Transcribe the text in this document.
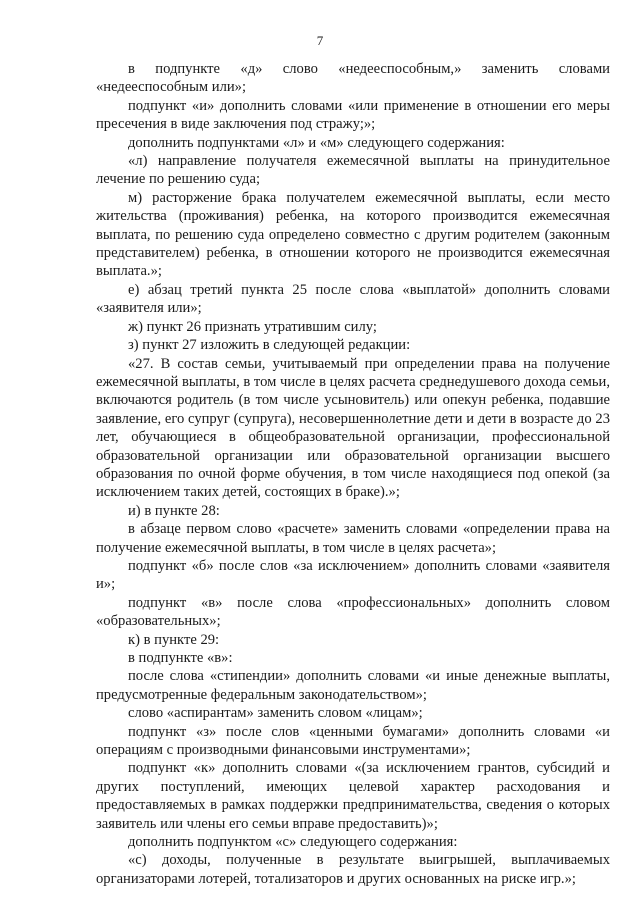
7

в подпункте «д» слово «недееспособным,» заменить словами «недееспособным или»;

подпункт «и» дополнить словами «или применение в отношении его меры пресечения в виде заключения под стражу;»;

дополнить подпунктами «л» и «м» следующего содержания:

«л) направление получателя ежемесячной выплаты на принудительное лечение по решению суда;

м) расторжение брака получателем ежемесячной выплаты, если место жительства (проживания) ребенка, на которого производится ежемесячная выплата, по решению суда определено совместно с другим родителем (законным представителем) ребенка, в отношении которого не производится ежемесячная выплата.»;

е) абзац третий пункта 25 после слова «выплатой» дополнить словами «заявителя или»;

ж) пункт 26 признать утратившим силу;

з) пункт 27 изложить в следующей редакции:

«27. В состав семьи, учитываемый при определении права на получение ежемесячной выплаты, в том числе в целях расчета среднедушевого дохода семьи, включаются родитель (в том числе усыновитель) или опекун ребенка, подавшие заявление, его супруг (супруга), несовершеннолетние дети и дети в возрасте до 23 лет, обучающиеся в общеобразовательной организации, профессиональной образовательной организации или образовательной организации высшего образования по очной форме обучения, в том числе находящиеся под опекой (за исключением таких детей, состоящих в браке).»;

и) в пункте 28:

в абзаце первом слово «расчете» заменить словами «определении права на получение ежемесячной выплаты, в том числе в целях расчета»;

подпункт «б» после слов «за исключением» дополнить словами «заявителя и»;

подпункт «в» после слова «профессиональных» дополнить словом «образовательных»;

к) в пункте 29:

в подпункте «в»:

после слова «стипендии» дополнить словами «и иные денежные выплаты, предусмотренные федеральным законодательством»;

слово «аспирантам» заменить словом «лицам»;

подпункт «з» после слов «ценными бумагами» дополнить словами «и операциям с производными финансовыми инструментами»;

подпункт «к» дополнить словами «(за исключением грантов, субсидий и других поступлений, имеющих целевой характер расходования и предоставляемых в рамках поддержки предпринимательства, сведения о которых заявитель или члены его семьи вправе предоставить)»;

дополнить подпунктом «с» следующего содержания:

«с) доходы, полученные в результате выигрышей, выплачиваемых организаторами лотерей, тотализаторов и других основанных на риске игр.»;
